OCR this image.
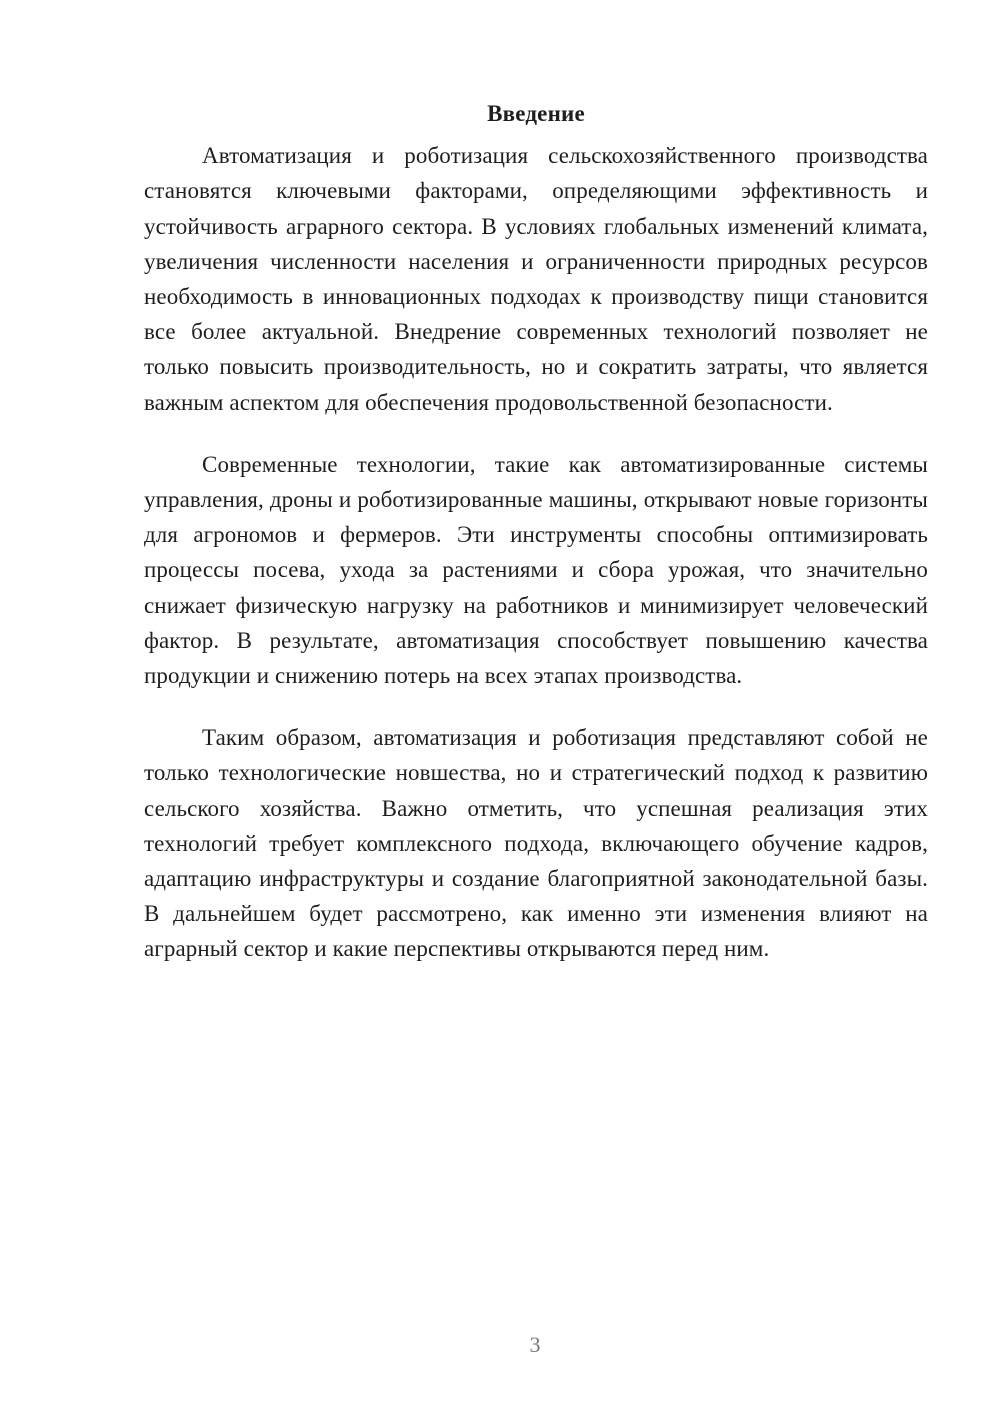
Введение

Автоматизация и роботизация сельскохозяйственного производства становятся ключевыми факторами, определяющими эффективность и устойчивость аграрного сектора. В условиях глобальных изменений климата, увеличения численности населения и ограниченности природных ресурсов необходимость в инновационных подходах к производству пищи становится все более актуальной. Внедрение современных технологий позволяет не только повысить производительность, но и сократить затраты, что является важным аспектом для обеспечения продовольственной безопасности.

Современные технологии, такие как автоматизированные системы управления, дроны и роботизированные машины, открывают новые горизонты для агрономов и фермеров. Эти инструменты способны оптимизировать процессы посева, ухода за растениями и сбора урожая, что значительно снижает физическую нагрузку на работников и минимизирует человеческий фактор. В результате, автоматизация способствует повышению качества продукции и снижению потерь на всех этапах производства.

Таким образом, автоматизация и роботизация представляют собой не только технологические новшества, но и стратегический подход к развитию сельского хозяйства. Важно отметить, что успешная реализация этих технологий требует комплексного подхода, включающего обучение кадров, адаптацию инфраструктуры и создание благоприятной законодательной базы. В дальнейшем будет рассмотрено, как именно эти изменения влияют на аграрный сектор и какие перспективы открываются перед ним.

3
